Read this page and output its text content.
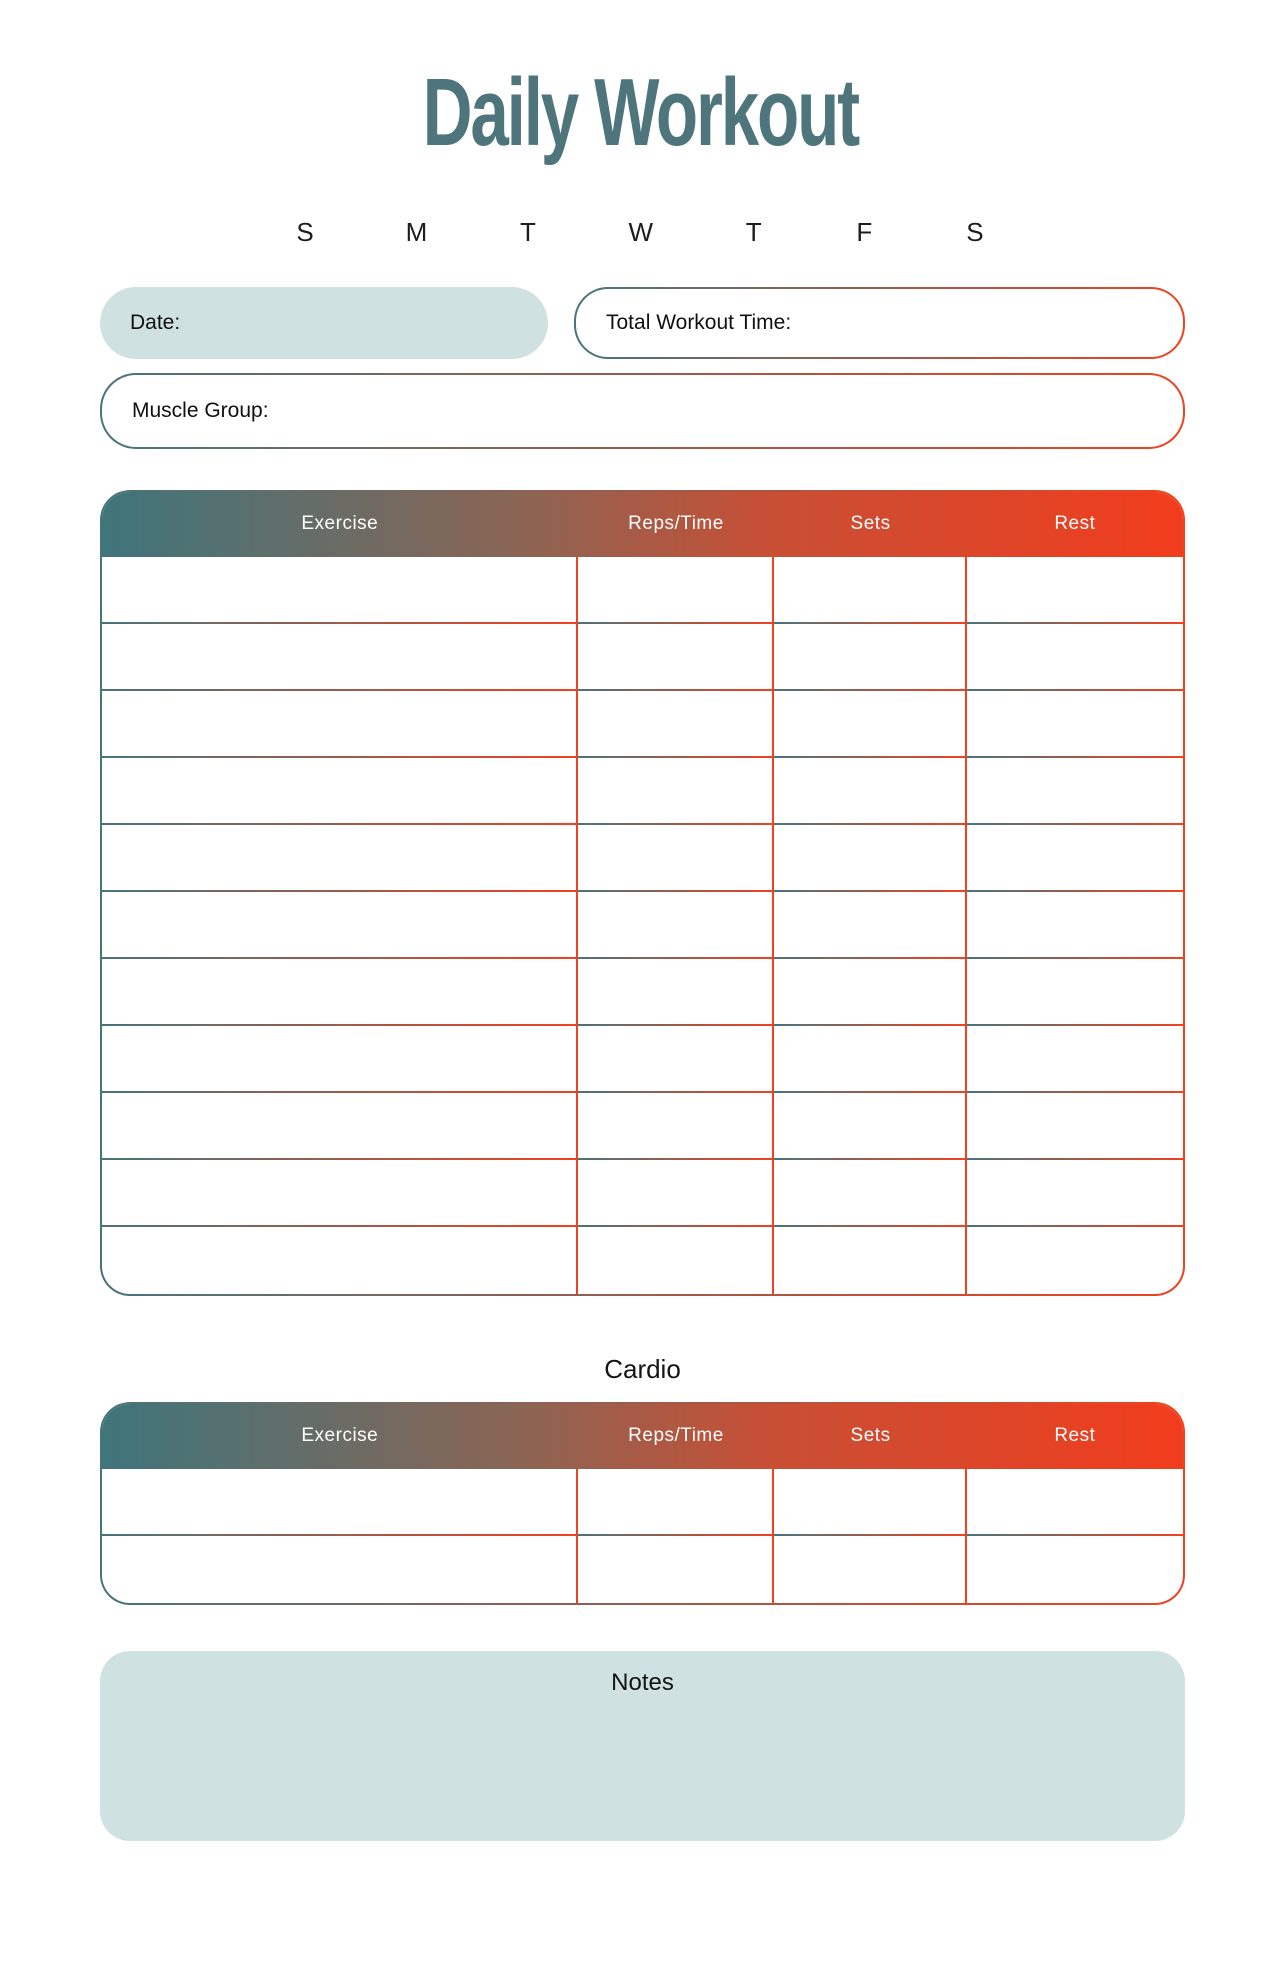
Daily Workout
S	M	T	W	T	F	S
Date:	Total Workout Time:
Muscle Group:
Exercise	Reps/Time	Sets	Rest
Cardio
Exercise	Reps/Time	Sets	Rest
Notes
